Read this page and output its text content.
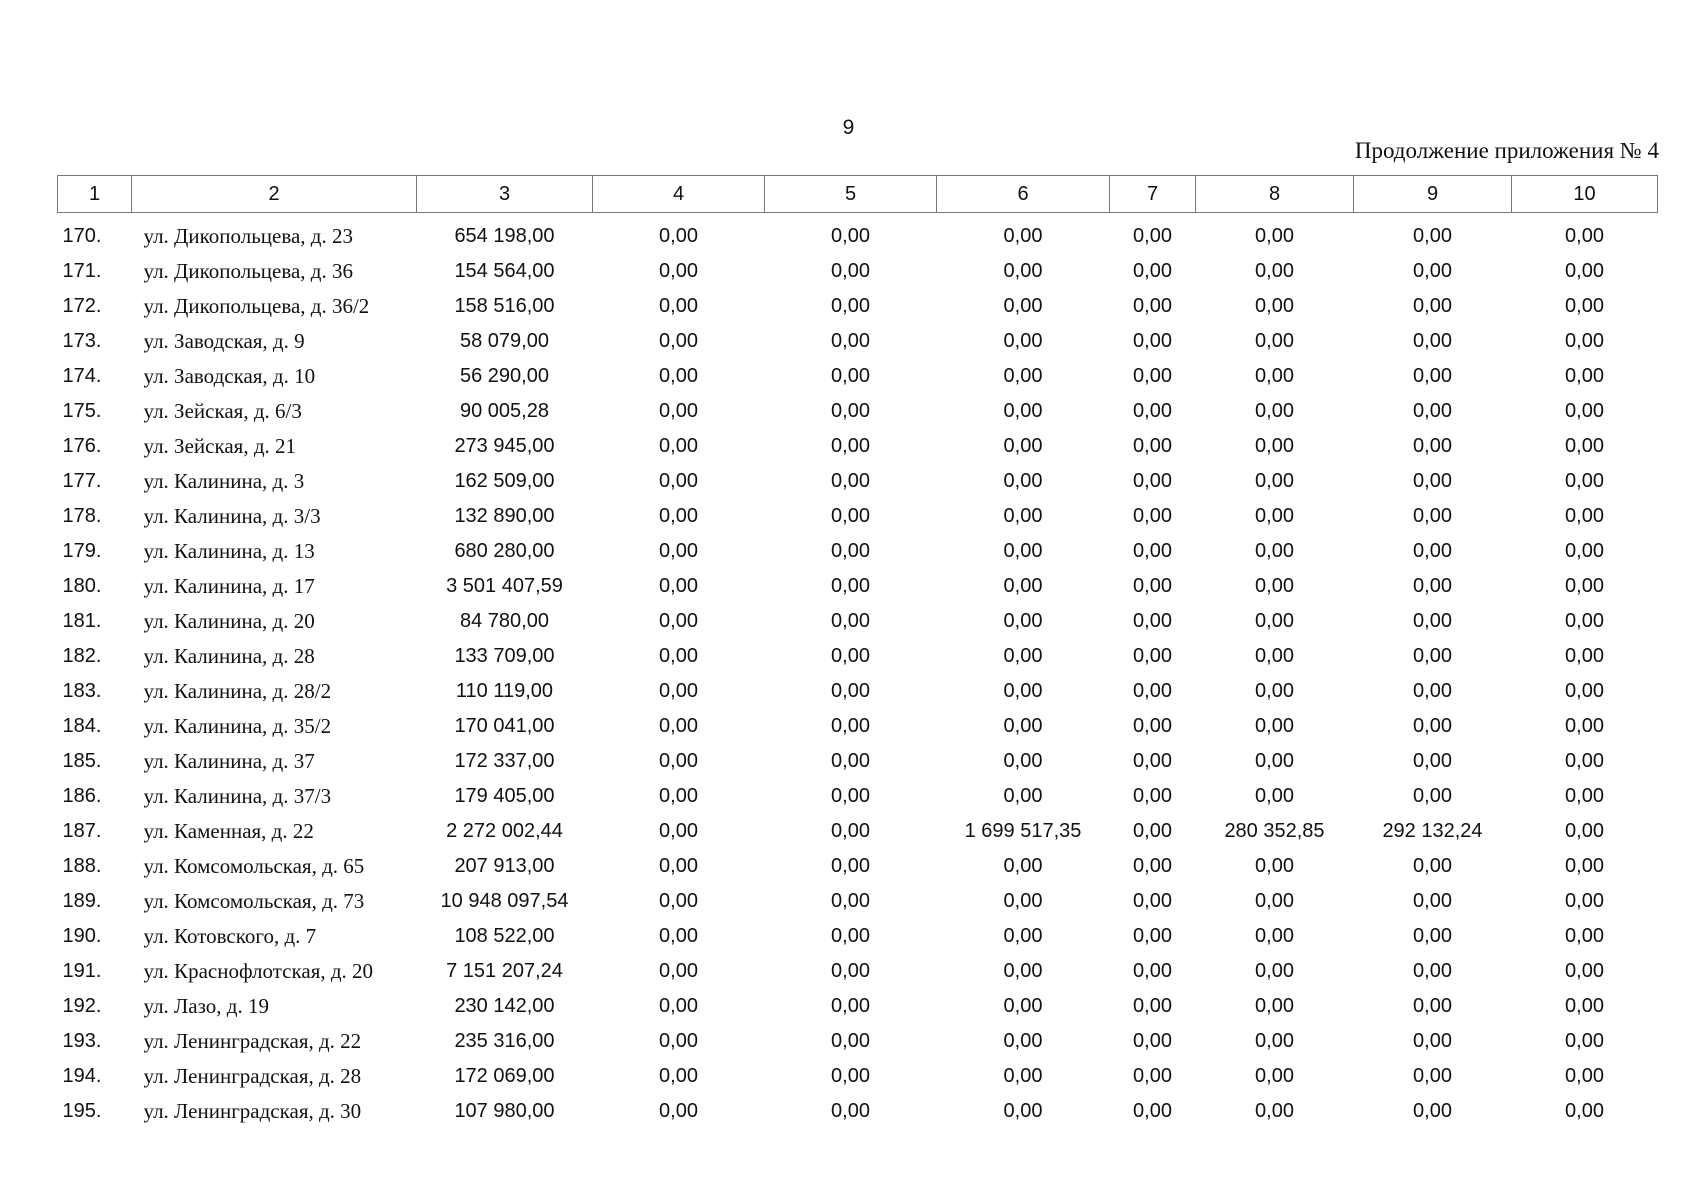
9
Продолжение приложения № 4
1	2	3	4	5	6	7	8	9	10
170.	ул. Дикопольцева, д. 23	654 198,00	0,00	0,00	0,00	0,00	0,00	0,00	0,00
171.	ул. Дикопольцева, д. 36	154 564,00	0,00	0,00	0,00	0,00	0,00	0,00	0,00
172.	ул. Дикопольцева, д. 36/2	158 516,00	0,00	0,00	0,00	0,00	0,00	0,00	0,00
173.	ул. Заводская, д. 9	58 079,00	0,00	0,00	0,00	0,00	0,00	0,00	0,00
174.	ул. Заводская, д. 10	56 290,00	0,00	0,00	0,00	0,00	0,00	0,00	0,00
175.	ул. Зейская, д. 6/3	90 005,28	0,00	0,00	0,00	0,00	0,00	0,00	0,00
176.	ул. Зейская, д. 21	273 945,00	0,00	0,00	0,00	0,00	0,00	0,00	0,00
177.	ул. Калинина, д. 3	162 509,00	0,00	0,00	0,00	0,00	0,00	0,00	0,00
178.	ул. Калинина, д. 3/3	132 890,00	0,00	0,00	0,00	0,00	0,00	0,00	0,00
179.	ул. Калинина, д. 13	680 280,00	0,00	0,00	0,00	0,00	0,00	0,00	0,00
180.	ул. Калинина, д. 17	3 501 407,59	0,00	0,00	0,00	0,00	0,00	0,00	0,00
181.	ул. Калинина, д. 20	84 780,00	0,00	0,00	0,00	0,00	0,00	0,00	0,00
182.	ул. Калинина, д. 28	133 709,00	0,00	0,00	0,00	0,00	0,00	0,00	0,00
183.	ул. Калинина, д. 28/2	110 119,00	0,00	0,00	0,00	0,00	0,00	0,00	0,00
184.	ул. Калинина, д. 35/2	170 041,00	0,00	0,00	0,00	0,00	0,00	0,00	0,00
185.	ул. Калинина, д. 37	172 337,00	0,00	0,00	0,00	0,00	0,00	0,00	0,00
186.	ул. Калинина, д. 37/3	179 405,00	0,00	0,00	0,00	0,00	0,00	0,00	0,00
187.	ул. Каменная, д. 22	2 272 002,44	0,00	0,00	1 699 517,35	0,00	280 352,85	292 132,24	0,00
188.	ул. Комсомольская, д. 65	207 913,00	0,00	0,00	0,00	0,00	0,00	0,00	0,00
189.	ул. Комсомольская, д. 73	10 948 097,54	0,00	0,00	0,00	0,00	0,00	0,00	0,00
190.	ул. Котовского, д. 7	108 522,00	0,00	0,00	0,00	0,00	0,00	0,00	0,00
191.	ул. Краснофлотская, д. 20	7 151 207,24	0,00	0,00	0,00	0,00	0,00	0,00	0,00
192.	ул. Лазо, д. 19	230 142,00	0,00	0,00	0,00	0,00	0,00	0,00	0,00
193.	ул. Ленинградская, д. 22	235 316,00	0,00	0,00	0,00	0,00	0,00	0,00	0,00
194.	ул. Ленинградская, д. 28	172 069,00	0,00	0,00	0,00	0,00	0,00	0,00	0,00
195.	ул. Ленинградская, д. 30	107 980,00	0,00	0,00	0,00	0,00	0,00	0,00	0,00
